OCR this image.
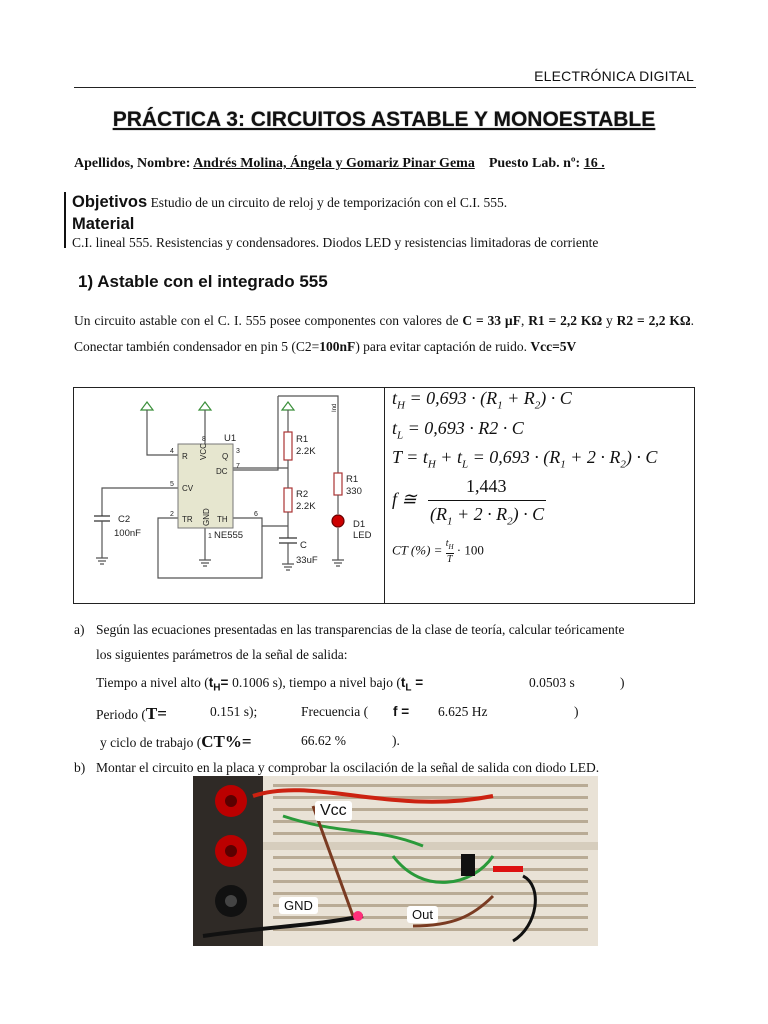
ELECTRÓNICA DIGITAL
PRÁCTICA 3: CIRCUITOS ASTABLE Y MONOESTABLE
Apellidos, Nombre: Andrés Molina, Ángela y Gomariz Pinar Gema Puesto Lab. nº: 16 .
Objetivos Estudio de un circuito de reloj y de temporización con el C.I. 555.
Material
C.I. lineal 555. Resistencias y condensadores. Diodos LED y resistencias limitadoras de corriente
1) Astable con el integrado 555
Un circuito astable con el C. I. 555 posee componentes con valores de C = 33 µF, R1 = 2,2 KΩ y R2 = 2,2 KΩ. Conectar también condensador en pin 5 (C2=100nF) para evitar captación de ruido. Vcc=5V
R VCC Q
DC
CV
TR GND TH
4
8
3
7
5
2
1
6
U1
NE555
R1
2.2K
R2
2.2K
R1
330
D1
LED
C
33uF
C2
100nF
Ind	$t_H = 0,693 \cdot (R_1 + R_2) \cdot C$
$t_L = 0,693 \cdot R2 \cdot C$
$T = t_H + t_L = 0,693 \cdot (R_1 + 2 \cdot R_2) \cdot C$
f ≅
1,443
$(R_1 + 2 \cdot R_2) \cdot C$
CT (%) = $\frac{t_H}{T} \cdot 100$
a) Según las ecuaciones presentadas en las transparencias de la clase de teoría, calcular teóricamente
los siguientes parámetros de la señal de salida:
Tiempo a nivel alto ($t_H= 0.1006$ s), tiempo a nivel bajo ($t_L$ =	0.0503 s	)
Periodo (T=	0.151 s);	Frecuencia ( f = 6.625 Hz	)
y ciclo de trabajo (CT%=	66.62 %	).
b) Montar el circuito en la placa y comprobar la oscilación de la señal de salida con diodo LED.
Vcc
GND
Out
